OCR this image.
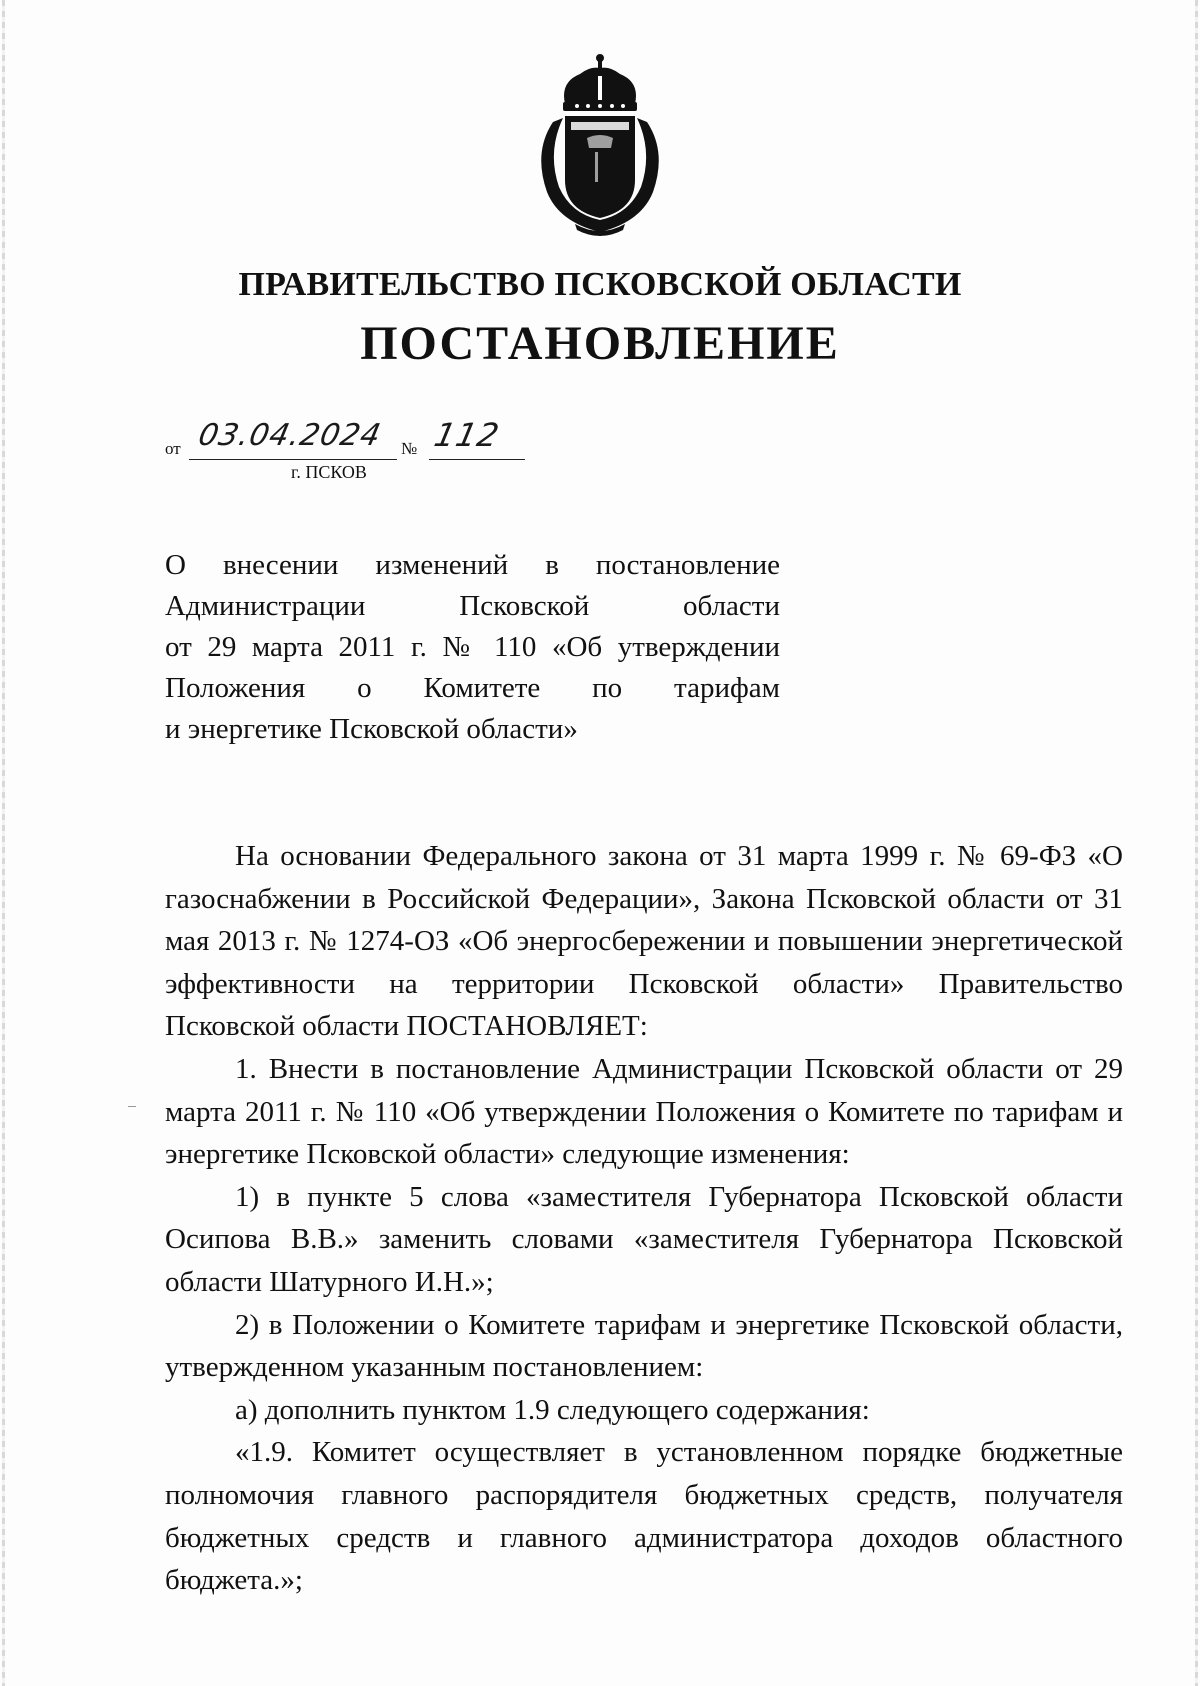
ПРАВИТЕЛЬСТВО ПСКОВСКОЙ ОБЛАСТИ
ПОСТАНОВЛЕНИЕ
от 03.04.2024 № 112
г. ПСКОВ
О внесении изменений в постановление
Администрации Псковской области
от 29 марта 2011 г. № 110 «Об утверждении
Положения о Комитете по тарифам
и энергетике Псковской области»

На основании Федерального закона от 31 марта 1999 г. № 69-ФЗ «О газоснабжении в Российской Федерации», Закона Псковской области от 31 мая 2013 г. № 1274-ОЗ «Об энергосбережении и повышении энергетической эффективности на территории Псковской области» Правительство Псковской области ПОСТАНОВЛЯЕТ:

1. Внести в постановление Администрации Псковской области от 29 марта 2011 г. № 110 «Об утверждении Положения о Комитете по тарифам и энергетике Псковской области» следующие изменения:

1) в пункте 5 слова «заместителя Губернатора Псковской области Осипова В.В.» заменить словами «заместителя Губернатора Псковской области Шатурного И.Н.»;

2) в Положении о Комитете тарифам и энергетике Псковской области, утвержденном указанным постановлением:

а) дополнить пунктом 1.9 следующего содержания:

«1.9. Комитет осуществляет в установленном порядке бюджетные полномочия главного распорядителя бюджетных средств, получателя бюджетных средств и главного администратора доходов областного бюджета.»;
